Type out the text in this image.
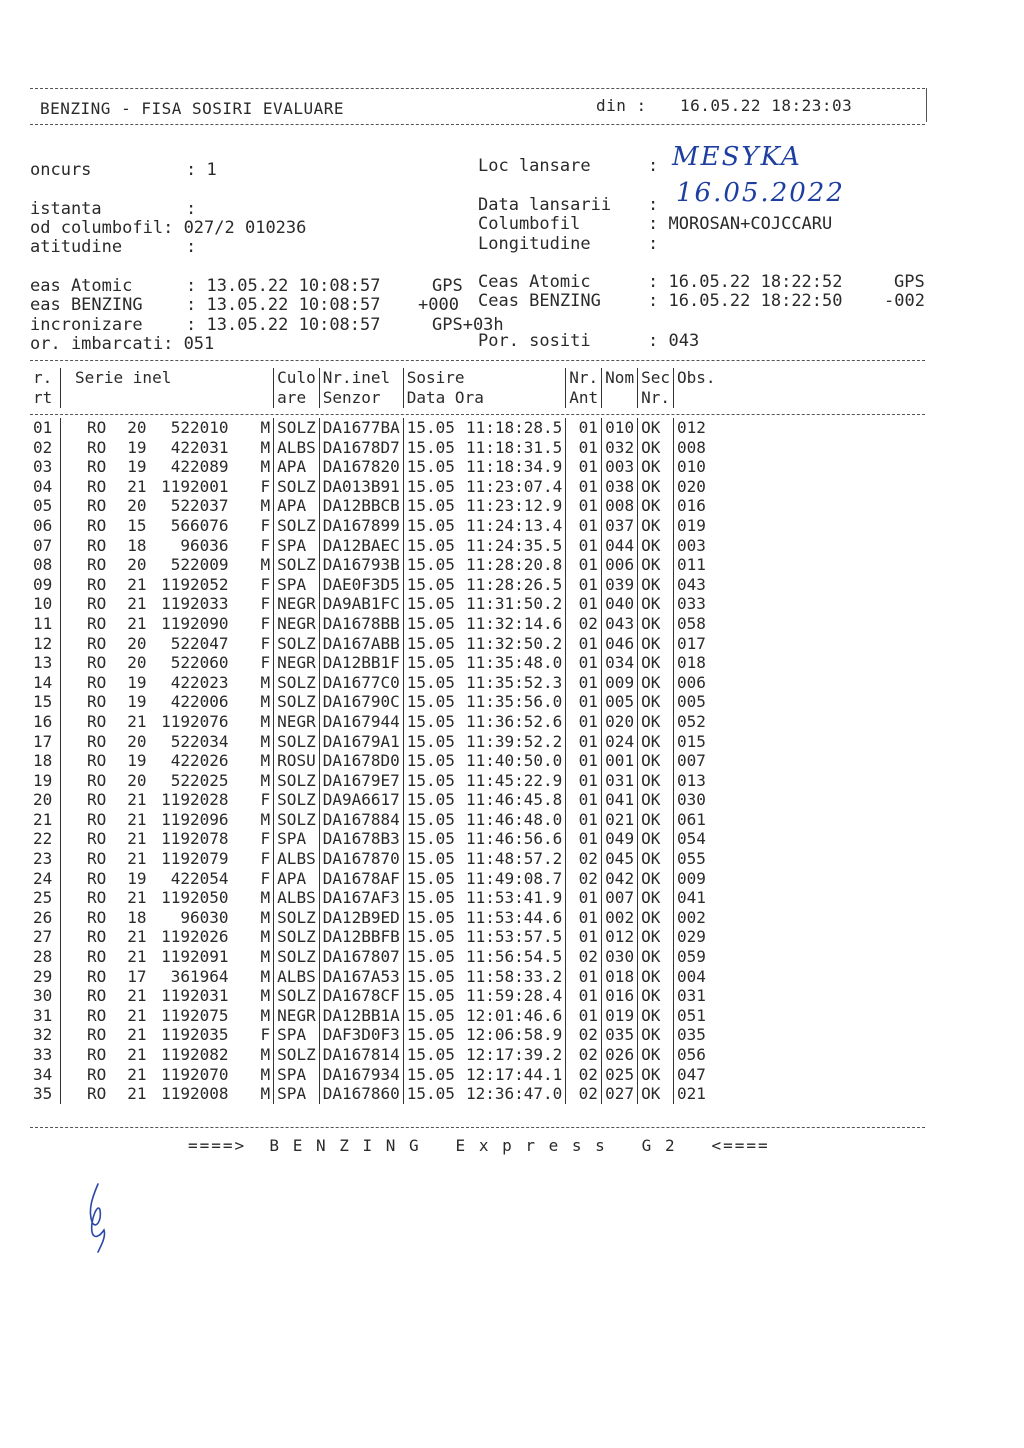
BENZING - FISA SOSIRI EVALUARE	din : 16.05.22 18:23:03
oncurs	: 1
istanta	:
od columbofil: 027/2 010236
atitudine	:
Loc lansare	:
Data lansarii :
Columbofil	: MOROSAN+COJCCARU
Longitudine	:
MESYKA
16.05.2022
eas Atomic	: 13.05.22 10:08:57	GPS
eas BENZING	: 13.05.22 10:08:57 +000
incronizare	: 13.05.22 10:08:57	GPS+03h
or. imbarcati: 051
Ceas Atomic	: 16.05.22 18:22:52	GPS
Ceas BENZING	: 16.05.22 18:22:50 -002
Por. sositi	: 043
r.	Serie inel					Culo	Nr.inel	Sosire		Nr.	Nom	Sec	Obs.
rt						are	Senzor	Data Ora		Ant		Nr.	

01	RO	20	522010		M	SOLZ	DA1677BA	15.05	11:18:28.5	01	010	OK	012
02	RO	19	422031		M	ALBS	DA1678D7	15.05	11:18:31.5	01	032	OK	008
03	RO	19	422089		M	APA	DA167820	15.05	11:18:34.9	01	003	OK	010
04	RO	21	1192001		F	SOLZ	DA013B91	15.05	11:23:07.4	01	038	OK	020
05	RO	20	522037		M	APA	DA12BBCB	15.05	11:23:12.9	01	008	OK	016
06	RO	15	566076		F	SOLZ	DA167899	15.05	11:24:13.4	01	037	OK	019
07	RO	18	96036		F	SPA	DA12BAEC	15.05	11:24:35.5	01	044	OK	003
08	RO	20	522009		M	SOLZ	DA16793B	15.05	11:28:20.8	01	006	OK	011
09	RO	21	1192052		F	SPA	DAE0F3D5	15.05	11:28:26.5	01	039	OK	043
10	RO	21	1192033		F	NEGR	DA9AB1FC	15.05	11:31:50.2	01	040	OK	033
11	RO	21	1192090		F	NEGR	DA1678BB	15.05	11:32:14.6	02	043	OK	058
12	RO	20	522047		F	SOLZ	DA167ABB	15.05	11:32:50.2	01	046	OK	017
13	RO	20	522060		F	NEGR	DA12BB1F	15.05	11:35:48.0	01	034	OK	018
14	RO	19	422023		M	SOLZ	DA1677C0	15.05	11:35:52.3	01	009	OK	006
15	RO	19	422006		M	SOLZ	DA16790C	15.05	11:35:56.0	01	005	OK	005
16	RO	21	1192076		M	NEGR	DA167944	15.05	11:36:52.6	01	020	OK	052
17	RO	20	522034		M	SOLZ	DA1679A1	15.05	11:39:52.2	01	024	OK	015
18	RO	19	422026		M	ROSU	DA1678D0	15.05	11:40:50.0	01	001	OK	007
19	RO	20	522025		M	SOLZ	DA1679E7	15.05	11:45:22.9	01	031	OK	013
20	RO	21	1192028		F	SOLZ	DA9A6617	15.05	11:46:45.8	01	041	OK	030
21	RO	21	1192096		M	SOLZ	DA167884	15.05	11:46:48.0	01	021	OK	061
22	RO	21	1192078		F	SPA	DA1678B3	15.05	11:46:56.6	01	049	OK	054
23	RO	21	1192079		F	ALBS	DA167870	15.05	11:48:57.2	02	045	OK	055
24	RO	19	422054		F	APA	DA1678AF	15.05	11:49:08.7	02	042	OK	009
25	RO	21	1192050		M	ALBS	DA167AF3	15.05	11:53:41.9	01	007	OK	041
26	RO	18	96030		M	SOLZ	DA12B9ED	15.05	11:53:44.6	01	002	OK	002
27	RO	21	1192026		M	SOLZ	DA12BBFB	15.05	11:53:57.5	01	012	OK	029
28	RO	21	1192091		M	SOLZ	DA167807	15.05	11:56:54.5	02	030	OK	059
29	RO	17	361964		M	ALBS	DA167A53	15.05	11:58:33.2	01	018	OK	004
30	RO	21	1192031		M	SOLZ	DA1678CF	15.05	11:59:28.4	01	016	OK	031
31	RO	21	1192075		M	NEGR	DA12BB1A	15.05	12:01:46.6	01	019	OK	051
32	RO	21	1192035		F	SPA	DAF3D0F3	15.05	12:06:58.9	02	035	OK	035
33	RO	21	1192082		M	SOLZ	DA167814	15.05	12:17:39.2	02	026	OK	056
34	RO	21	1192070		M	SPA	DA167934	15.05	12:17:44.1	02	025	OK	047
35	RO	21	1192008		M	SPA	DA167860	15.05	12:36:47.0	02	027	OK	021
====>  B E N Z I N G   E x p r e s s   G 2   <====
